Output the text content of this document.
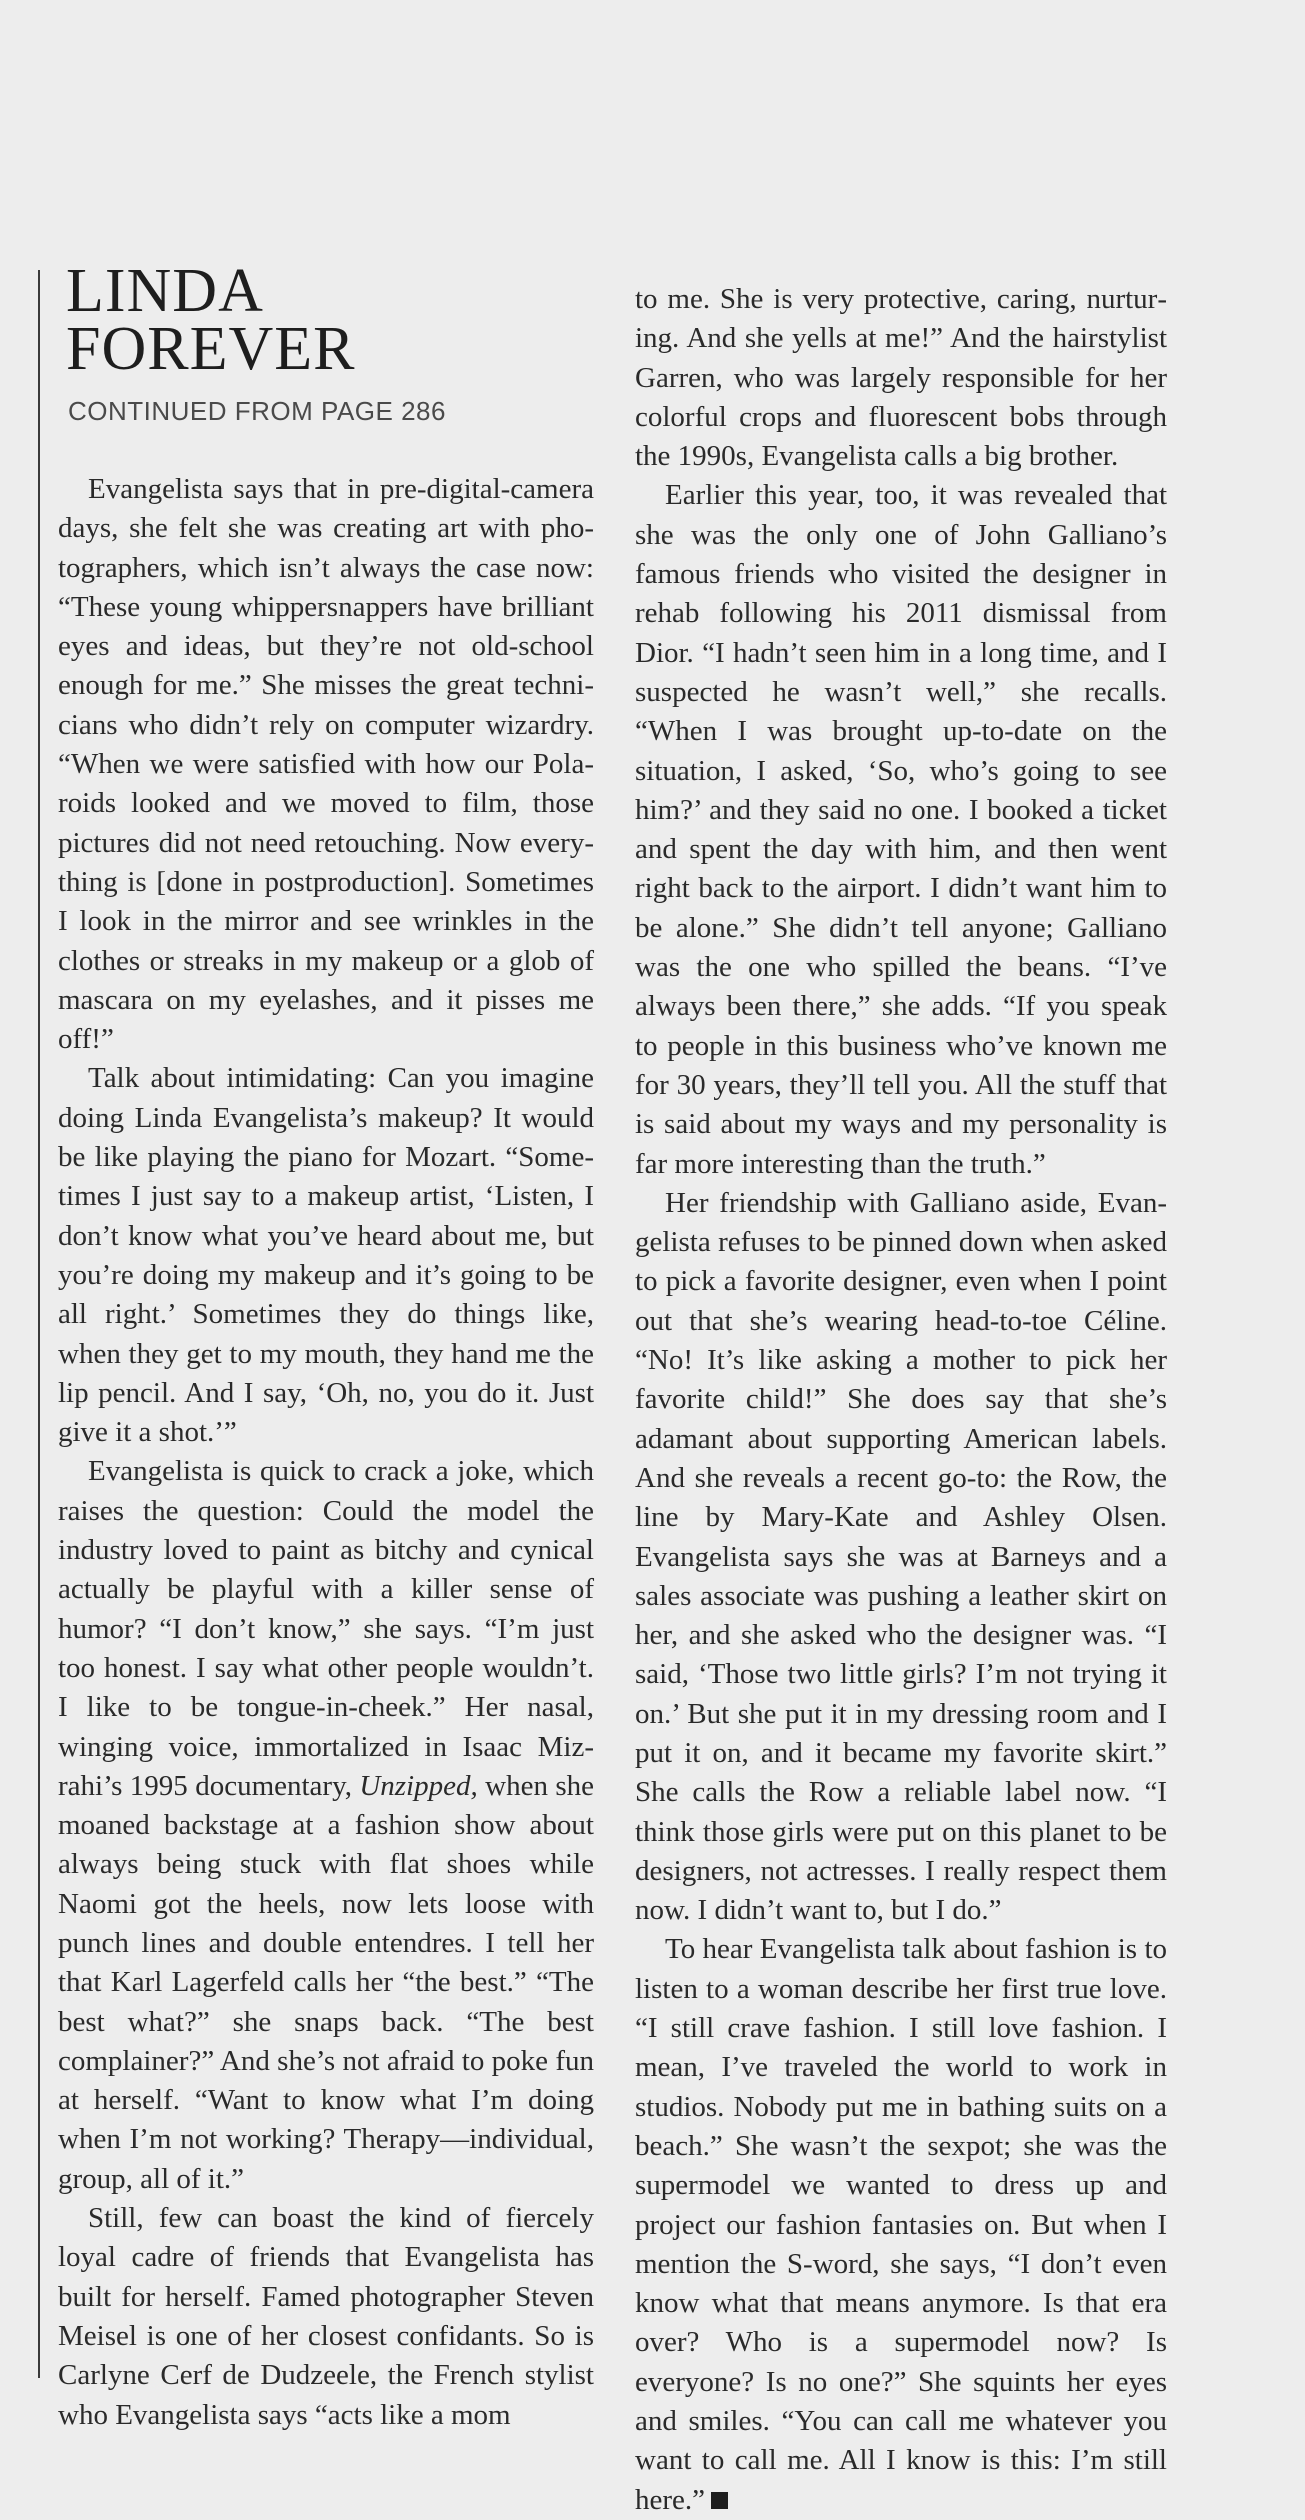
LINDA
FOREVER
CONTINUED FROM PAGE 286

Evangelista says that in pre-digital-camera days, she felt she was creating art with photographers, which isn’t always the case now: “These young whippersnappers have brilliant eyes and ideas, but they’re not old-school enough for me.” She misses the great technicians who didn’t rely on computer wizardry. “When we were satisfied with how our Polaroids looked and we moved to film, those pictures did not need retouching. Now everything is [done in postproduction]. Sometimes I look in the mirror and see wrinkles in the clothes or streaks in my makeup or a glob of mascara on my eyelashes, and it pisses me off!”

Talk about intimidating: Can you imagine doing Linda Evangelista’s makeup? It would be like playing the piano for Mozart. “Sometimes I just say to a makeup artist, ‘Listen, I don’t know what you’ve heard about me, but you’re doing my makeup and it’s going to be all right.’ Sometimes they do things like, when they get to my mouth, they hand me the lip pencil. And I say, ‘Oh, no, you do it. Just give it a shot.’”

Evangelista is quick to crack a joke, which raises the question: Could the model the industry loved to paint as bitchy and cynical actually be playful with a killer sense of humor? “I don’t know,” she says. “I’m just too honest. I say what other people wouldn’t. I like to be tongue-in-cheek.” Her nasal, winging voice, immortalized in Isaac Mizrahi’s 1995 documentary, Unzipped, when she moaned backstage at a fashion show about always being stuck with flat shoes while Naomi got the heels, now lets loose with punch lines and double entendres. I tell her that Karl Lagerfeld calls her “the best.” “The best what?” she snaps back. “The best complainer?” And she’s not afraid to poke fun at herself. “Want to know what I’m doing when I’m not working? Therapy—individual, group, all of it.”

Still, few can boast the kind of fiercely loyal cadre of friends that Evangelista has built for herself. Famed photographer Steven Meisel is one of her closest confidants. So is Carlyne Cerf de Dudzeele, the French stylist who Evangelista says “acts like a mom

to me. She is very protective, caring, nurturing. And she yells at me!” And the hairstylist Garren, who was largely responsible for her colorful crops and fluorescent bobs through the 1990s, Evangelista calls a big brother.

Earlier this year, too, it was revealed that she was the only one of John Galliano’s famous friends who visited the designer in rehab following his 2011 dismissal from Dior. “I hadn’t seen him in a long time, and I suspected he wasn’t well,” she recalls. “When I was brought up-to-date on the situation, I asked, ‘So, who’s going to see him?’ and they said no one. I booked a ticket and spent the day with him, and then went right back to the airport. I didn’t want him to be alone.” She didn’t tell anyone; Galliano was the one who spilled the beans. “I’ve always been there,” she adds. “If you speak to people in this business who’ve known me for 30 years, they’ll tell you. All the stuff that is said about my ways and my personality is far more interesting than the truth.”

Her friendship with Galliano aside, Evangelista refuses to be pinned down when asked to pick a favorite designer, even when I point out that she’s wearing head-to-toe Céline. “No! It’s like asking a mother to pick her favorite child!” She does say that she’s adamant about supporting American labels. And she reveals a recent go-to: the Row, the line by Mary-Kate and Ashley Olsen. Evangelista says she was at Barneys and a sales associate was pushing a leather skirt on her, and she asked who the designer was. “I said, ‘Those two little girls? I’m not trying it on.’ But she put it in my dressing room and I put it on, and it became my favorite skirt.” She calls the Row a reliable label now. “I think those girls were put on this planet to be designers, not actresses. I really respect them now. I didn’t want to, but I do.”

To hear Evangelista talk about fashion is to listen to a woman describe her first true love. “I still crave fashion. I still love fashion. I mean, I’ve traveled the world to work in studios. Nobody put me in bathing suits on a beach.” She wasn’t the sexpot; she was the supermodel we wanted to dress up and project our fashion fantasies on. But when I mention the S-word, she says, “I don’t even know what that means anymore. Is that era over? Who is a supermodel now? Is everyone? Is no one?” She squints her eyes and smiles. “You can call me whatever you want to call me. All I know is this: I’m still here.”
